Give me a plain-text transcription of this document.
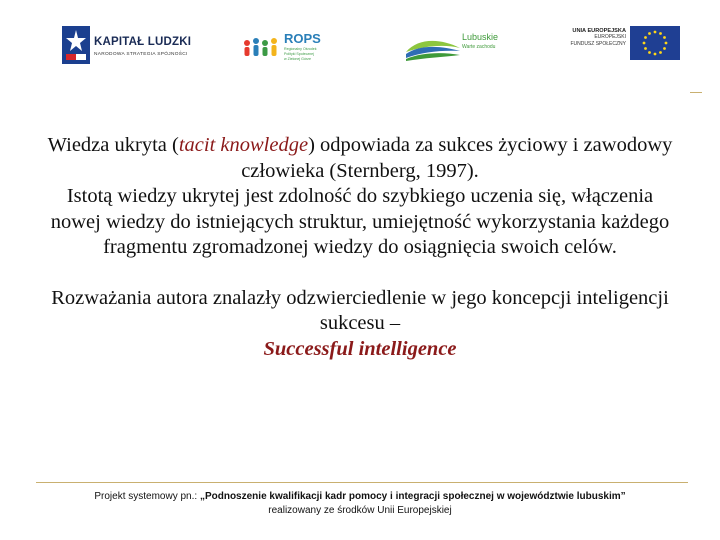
KAPITAŁ LUDZKI
NARODOWA STRATEGIA SPÓJNOŚCI
ROPS
Regionalny Ośrodek
Polityki Społecznej
w Zielonej Górze
Lubuskie
Warte zachodu
UNIA EUROPEJSKA
EUROPEJSKI
FUNDUSZ SPOŁECZNY

Wiedza ukryta (tacit knowledge) odpowiada za sukces życiowy i zawodowy człowieka (Sternberg, 1997).
Istotą wiedzy ukrytej jest zdolność do szybkiego uczenia się, włączenia nowej wiedzy do istniejących struktur, umiejętność wykorzystania każdego fragmentu zgromadzonej wiedzy do osiągnięcia swoich celów.

Rozważania autora znalazły odzwierciedlenie w jego koncepcji inteligencji sukcesu –
Successful intelligence

Projekt systemowy pn.: „Podnoszenie kwalifikacji kadr pomocy i integracji społecznej w województwie lubuskim”
realizowany ze środków Unii Europejskiej
